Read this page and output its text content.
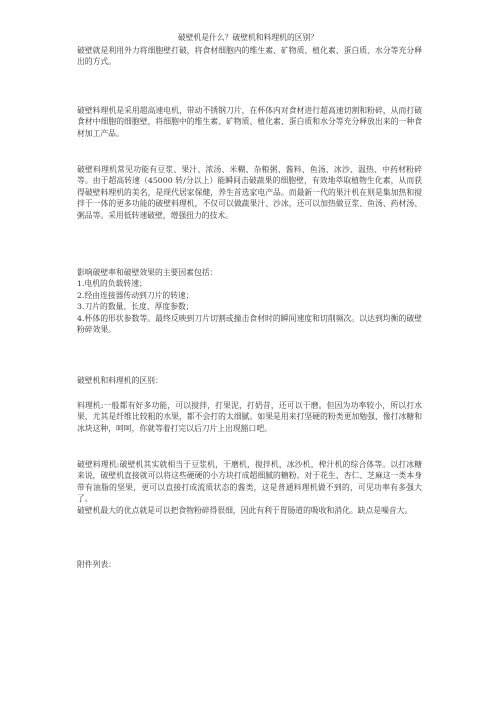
破壁机是什么？破壁机和料理机的区别？

破壁就是利用外力将细胞壁打破，将食材细胞内的维生素、矿物质、植化素、蛋白质、水分等充分释出的方式。

破壁料理机是采用超高速电机，带动不锈钢刀片，在杯体内对食材进行超高速切割和粉碎，从而打破食材中细胞的细胞壁，将细胞中的维生素、矿物质、植化素、蛋白质和水分等充分释放出来的一种食材加工产品。

破壁料理机常见功能有豆浆、果汁、浓汤、米糊、杂粮粥、酱料、鱼汤、冰沙、温热、中药材粉碎等。由于超高转速（45000 转/分以上）能瞬间击破蔬果的细胞壁，有效地萃取植物生化素，从而获得破壁料理机的美名，是现代居家保健，养生首选家电产品。而最新一代的果汁机在则是集加热和搅拌于一体的更多功能的破壁料理机，不仅可以做蔬果汁、沙冰，还可以加热做豆浆、鱼汤、药材汤、粥品等。采用低转速破壁，增强扭力的技术。

影响破壁率和破壁效果的主要因素包括：

1.电机的负载转速；
2.经由连接器传动到刀片的转速；
3.刀片的数量、长度、厚度参数；
4.杯体的形状参数等。最终反映到刀片切割或撞击食材时的瞬间速度和切削频次。以达到均衡的破壁粉碎效果。

破壁机和料理机的区别：

料理机:一般都有好多功能，可以搅拌，打果泥，打奶昔，还可以干磨。但因为功率较小，所以打水果，尤其是纤维比较粗的水果，都不会打的太细腻。如果是用来打坚硬的粉类更加勉强，像打冰糖和冰块这种，呵呵，你就等着打完以后刀片上出现豁口吧。

破壁料理机:破壁机其实就相当于豆浆机，干磨机，搅拌机，冰沙机，榨汁机的综合体等。以打冰糖来说，破壁机直接就可以将这些硬硬的小方块打成超细腻的糖粉。对于花生、杏仁、芝麻这一类本身带有油脂的坚果，更可以直接打成流质状态的酱类，这是普通料理机做不到的，可见功率有多强大了。

破壁机最大的优点就是可以把食物粉碎得很细，因此有利于胃肠道的吸收和消化。缺点是噪音大。

附件列表：
